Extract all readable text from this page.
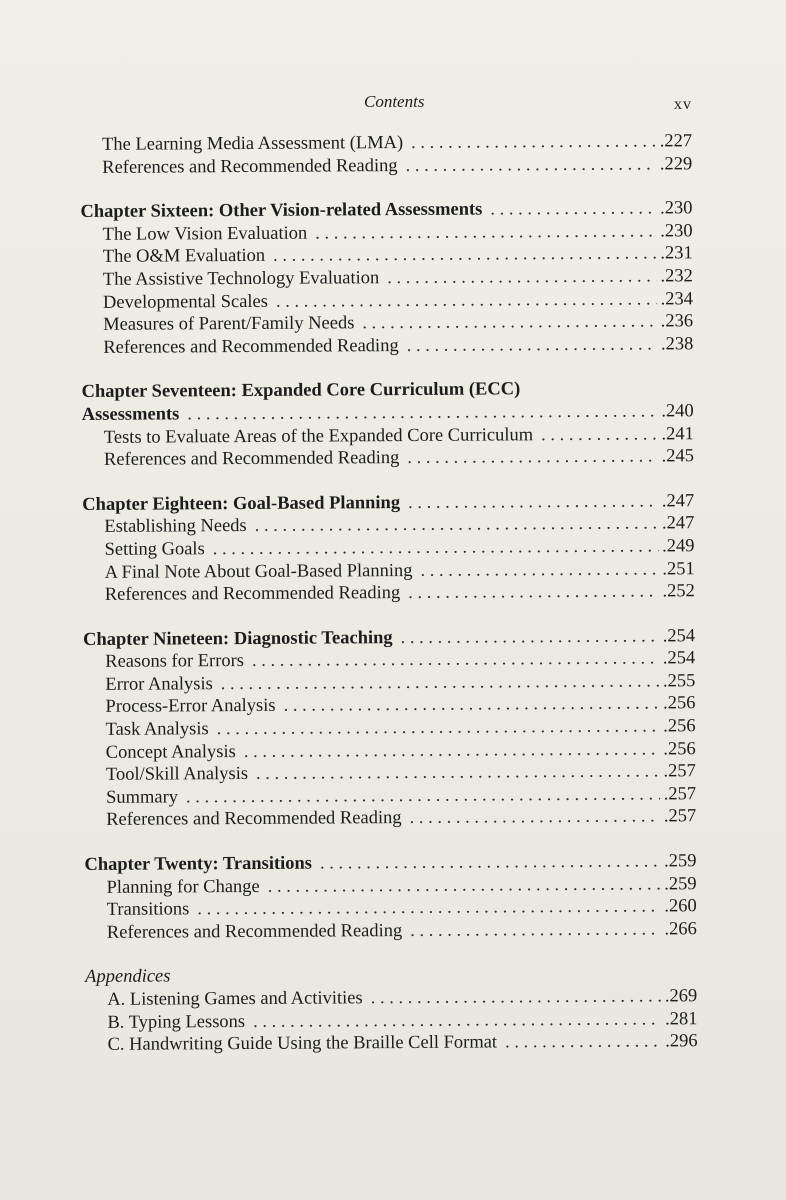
Contents	xv
The Learning Media Assessment (LMA) . . .	.227
References and Recommended Reading . . .	.229
Chapter Sixteen: Other Vision-related Assessments . . .	.230
The Low Vision Evaluation . . .	.230
The O&M Evaluation . . .	.231
The Assistive Technology Evaluation . . .	.232
Developmental Scales . . .	.234
Measures of Parent/Family Needs . . .	.236
References and Recommended Reading . . .	.238
Chapter Seventeen: Expanded Core Curriculum (ECC)
Assessments . . .	.240
Tests to Evaluate Areas of the Expanded Core Curriculum . . .	.241
References and Recommended Reading . . .	.245
Chapter Eighteen: Goal-Based Planning . . .	.247
Establishing Needs . . .	.247
Setting Goals . . .	.249
A Final Note About Goal-Based Planning . . .	.251
References and Recommended Reading . . .	.252
Chapter Nineteen: Diagnostic Teaching . . .	.254
Reasons for Errors . . .	.254
Error Analysis . . .	.255
Process-Error Analysis . . .	.256
Task Analysis . . .	.256
Concept Analysis . . .	.256
Tool/Skill Analysis . . .	.257
Summary . . .	.257
References and Recommended Reading . . .	.257
Chapter Twenty: Transitions . . .	.259
Planning for Change . . .	.259
Transitions . . .	.260
References and Recommended Reading . . .	.266
Appendices
A. Listening Games and Activities . . .	.269
B. Typing Lessons . . .	.281
C. Handwriting Guide Using the Braille Cell Format . . .	.296
